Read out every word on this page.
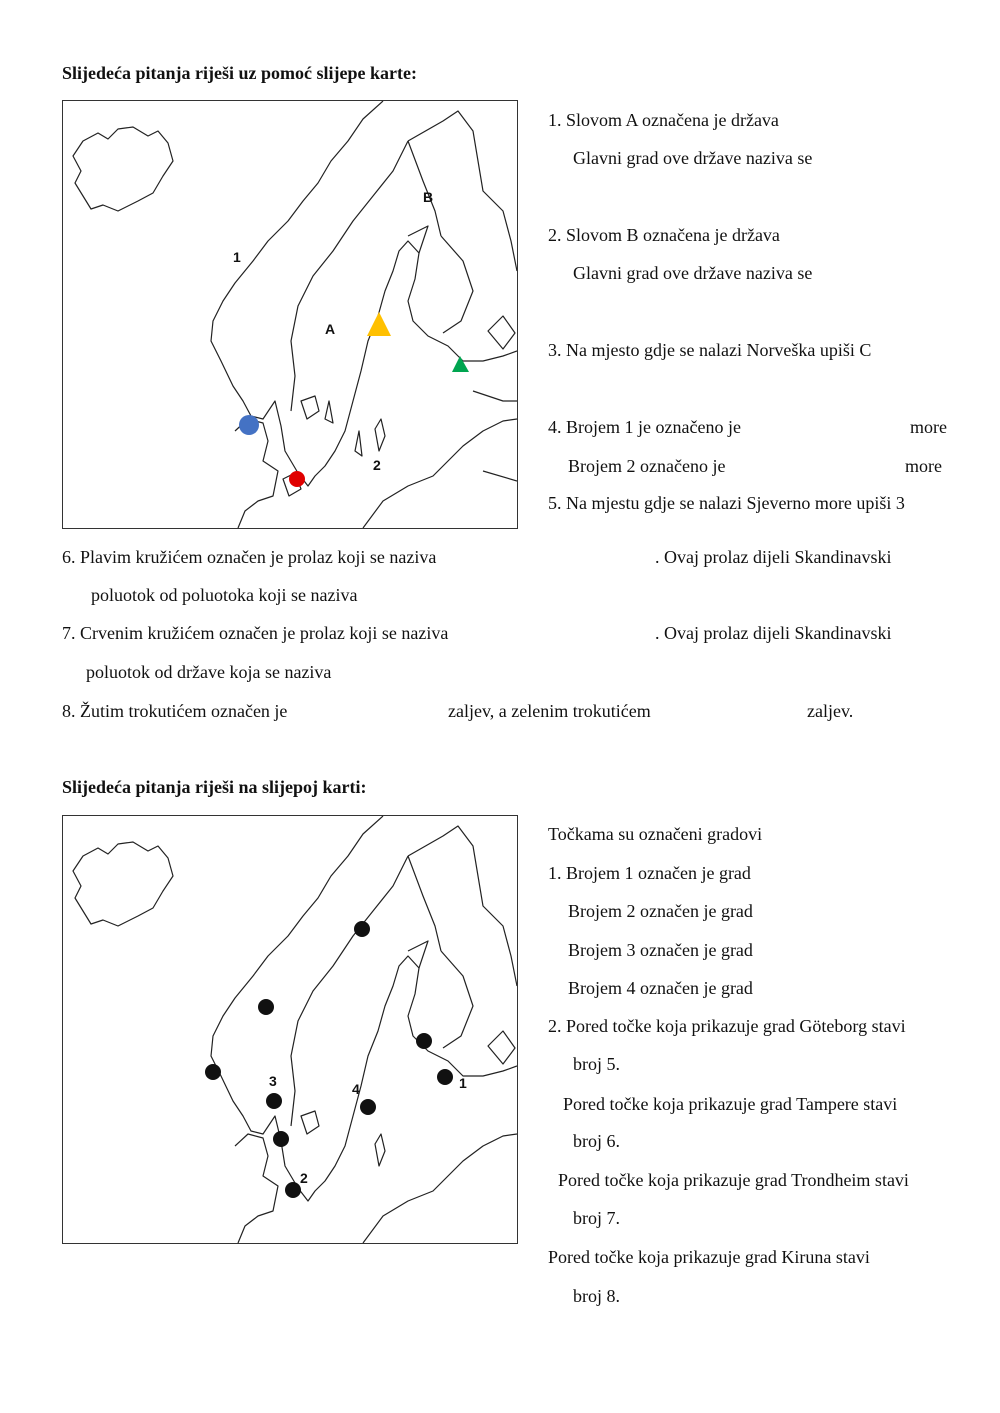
Slijedeća pitanja riješi uz pomoć slijepe karte:
B
1
A
2
1. Slovom A označena je država
Glavni grad ove države naziva se
2. Slovom B označena je država
Glavni grad ove države naziva se
3. Na mjesto gdje se nalazi Norveška upiši C
4. Brojem 1 je označeno je	more
Brojem 2 označeno je	more
5. Na mjestu gdje se nalazi Sjeverno more upiši 3
6. Plavim kružićem označen je prolaz koji se naziva	. Ovaj prolaz dijeli Skandinavski
poluotok od poluotoka koji se naziva
7. Crvenim kružićem označen je prolaz koji se naziva	. Ovaj prolaz dijeli Skandinavski
poluotok od države koja se naziva
8. Žutim trokutićem označen je	zaljev, a zelenim trokutićem	zaljev.
Slijedeća pitanja riješi na slijepoj karti:
1
2
3	4
Točkama su označeni gradovi
1. Brojem 1 označen je grad
Brojem 2 označen je grad
Brojem 3 označen je grad
Brojem 4 označen je grad
2. Pored točke koja prikazuje grad Göteborg stavi
broj 5.
Pored točke koja prikazuje grad Tampere stavi
broj 6.
Pored točke koja prikazuje grad Trondheim stavi
broj 7.
Pored točke koja prikazuje grad Kiruna stavi
broj 8.
